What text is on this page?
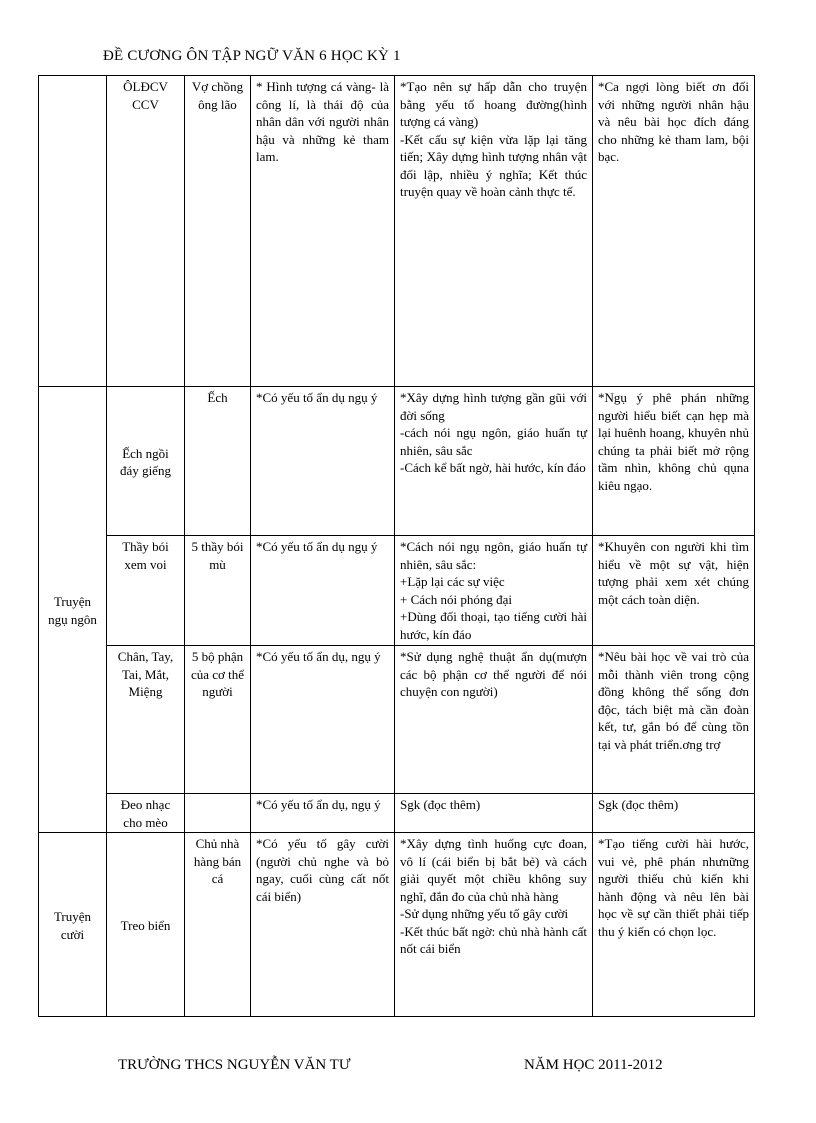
ĐỀ CƯƠNG ÔN TẬP NGỮ VĂN 6 HỌC KỲ 1
	ÔLĐCV CCV	Vợ chồng ông lão	* Hình tượng cá vàng- là công lí, là thái độ của nhân dân với người nhân hậu và những kẻ tham lam.	*Tạo nên sự hấp dẫn cho truyện bằng yếu tố hoang đường(hình tượng cá vàng)
-Kết cấu sự kiện vừa lặp lại tăng tiến; Xây dựng hình tượng nhân vật đối lập, nhiều ý nghĩa; Kết thúc truyện quay về hoàn cảnh thực tế.	*Ca ngợi lòng biết ơn đối với những người nhân hậu và nêu bài học đích đáng cho những kẻ tham lam, bội bạc.
Truyện ngụ ngôn	Ếch ngồi đáy giếng	Ếch	*Có yếu tố ẩn dụ ngụ ý	*Xây dựng hình tượng gần gũi với đời sống
-cách nói ngụ ngôn, giáo huấn tự nhiên, sâu sắc
-Cách kể bất ngờ, hài hước, kín đáo	*Ngụ ý phê phán những người hiểu biết cạn hẹp mà lại huênh hoang, khuyên nhủ chúng ta phải biết mở rộng tầm nhìn, không chủ qụna kiêu ngạo.
	Thầy bói xem voi	5 thầy bói mù	*Có yếu tố ẩn dụ ngụ ý	*Cách nói ngụ ngôn, giáo huấn tự nhiên, sâu sắc:
+Lặp lại các sự việc
+ Cách nói phóng đại
+Dùng đối thoại, tạo tiếng cười hài hước, kín đáo	*Khuyên con người khi tìm hiểu về một sự vật, hiện tượng phải xem xét chúng một cách toàn diện.
	Chân, Tay, Tai, Mắt, Miệng	5 bộ phận của cơ thể người	*Có yếu tố ẩn dụ, ngụ ý	*Sử dụng nghệ thuật ẩn dụ(mượn các bộ phận cơ thể người để nói chuyện con người)	*Nêu bài học về vai trò của mỗi thành viên trong cộng đồng không thể sống đơn độc, tách biệt mà cần đoàn kết, tư, gắn bó để cùng tồn tại và phát triển.ơng trợ
	Đeo nhạc cho mèo		*Có yếu tố ẩn dụ, ngụ ý	Sgk (đọc thêm)	Sgk (đọc thêm)
Truyện cười	Treo biển	Chủ nhà hàng bán cá	*Có yếu tố gây cười (người chủ nghe và bỏ ngay, cuối cùng cất nốt cái biển)	*Xây dựng tình huống cực đoan, vô lí (cái biển bị bắt bẻ) và cách giải quyết một chiều không suy nghĩ, đắn đo của chủ nhà hàng
-Sử dụng những yếu tố gây cười
-Kết thúc bất ngờ: chủ nhà hành cất nốt cái biển	*Tạo tiếng cười hài hước, vui vẻ, phê phán nhưnững người thiếu chủ kiến khi hành động và nêu lên bài học về sự cần thiết phải tiếp thu ý kiến có chọn lọc.
TRƯỜNG THCS NGUYỄN VĂN TƯ	NĂM HỌC 2011-2012
